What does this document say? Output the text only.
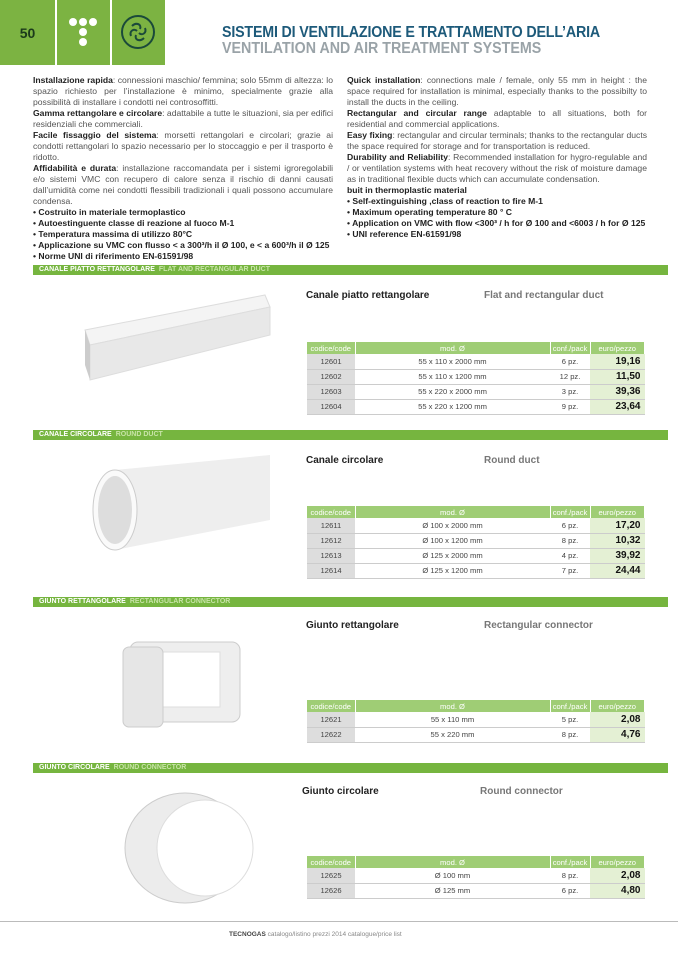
50	SISTEMI DI VENTILAZIONE E TRATTAMENTO DELL’ARIA
VENTILATION AND AIR TREATMENT SYSTEMS
Installazione rapida: connessioni maschio/ femmina; solo 55mm di altezza: lo spazio richiesto per l’installazione è minimo, specialmente grazie alla possibilità di installare i condotti nei controsoffitti.
Gamma rettangolare e circolare: adattabile a tutte le situazioni, sia per edifici residenziali che commerciali.
Facile fissaggio del sistema: morsetti rettangolari e circolari; grazie ai condotti rettangolari lo spazio necessario per lo stoccaggio e per il trasporto è ridotto.
Affidabilità e durata: installazione raccomandata per i sistemi igroregolabili e/o sistemi VMC con recupero di calore senza il rischio di danni causati dall’umidità come nei condotti flessibili tradizionali i quali possono accumulare condensa.
• Costruito in materiale termoplastico
• Autoestinguente classe di reazione al fuoco M-1
• Temperatura massima di utilizzo 80°C
• Applicazione su VMC con flusso < a 300³/h il Ø 100, e < a 600³/h il Ø 125
• Norme UNI di riferimento EN-61591/98
Quick installation: connections male / female, only 55 mm in height : the space required for installation is minimal, especially thanks to the possibilty to install the ducts in the ceiling.
Rectangular and circular range adaptable to all situations, both for residential and commercial applications.
Easy fixing: rectangular and circular terminals; thanks to the rectangular ducts the space required for storage and for transportation is reduced.
Durability and Reliability: Recommended installation for hygro-regulable and / or ventilation systems with heat recovery without the risk of moisture damage as in traditional flexible ducts which can accumulate condensation.
buit in thermoplastic material
• Self-extinguishing ,class of reaction to fire M-1
• Maximum operating temperature 80 ° C
• Application on VMC with flow <300³ / h for Ø 100 and <6003 / h for Ø 125
• UNI reference EN-61591/98
CANALE PIATTO RETTANGOLARE FLAT AND RECTANGULAR DUCT
Canale piatto rettangolare	Flat and rectangular duct
codice/code	mod. Ø	conf./pack	euro/pezzo
12601	55 x 110 x 2000 mm	6 pz.	19,16
12602	55 x 110 x 1200 mm	12 pz.	11,50
12603	55 x 220 x 2000 mm	3 pz.	39,36
12604	55 x 220 x 1200 mm	9 pz.	23,64
CANALE CIRCOLARE ROUND DUCT
Canale circolare	Round duct
codice/code	mod. Ø	conf./pack	euro/pezzo
12611	Ø 100 x 2000 mm	6 pz.	17,20
12612	Ø 100 x 1200 mm	8 pz.	10,32
12613	Ø 125 x 2000 mm	4 pz.	39,92
12614	Ø 125 x 1200 mm	7 pz.	24,44
GIUNTO RETTANGOLARE RECTANGULAR CONNECTOR
Giunto rettangolare	Rectangular connector
codice/code	mod. Ø	conf./pack	euro/pezzo
12621	55 x 110 mm	5 pz.	2,08
12622	55 x 220 mm	8 pz.	4,76
GIUNTO CIRCOLARE ROUND CONNECTOR
Giunto circolare	Round connector
codice/code	mod. Ø	conf./pack	euro/pezzo
12625	Ø 100 mm	8 pz.	2,08
12626	Ø 125 mm	6 pz.	4,80
TECNOGAS catalogo/listino prezzi 2014 catalogue/price list
